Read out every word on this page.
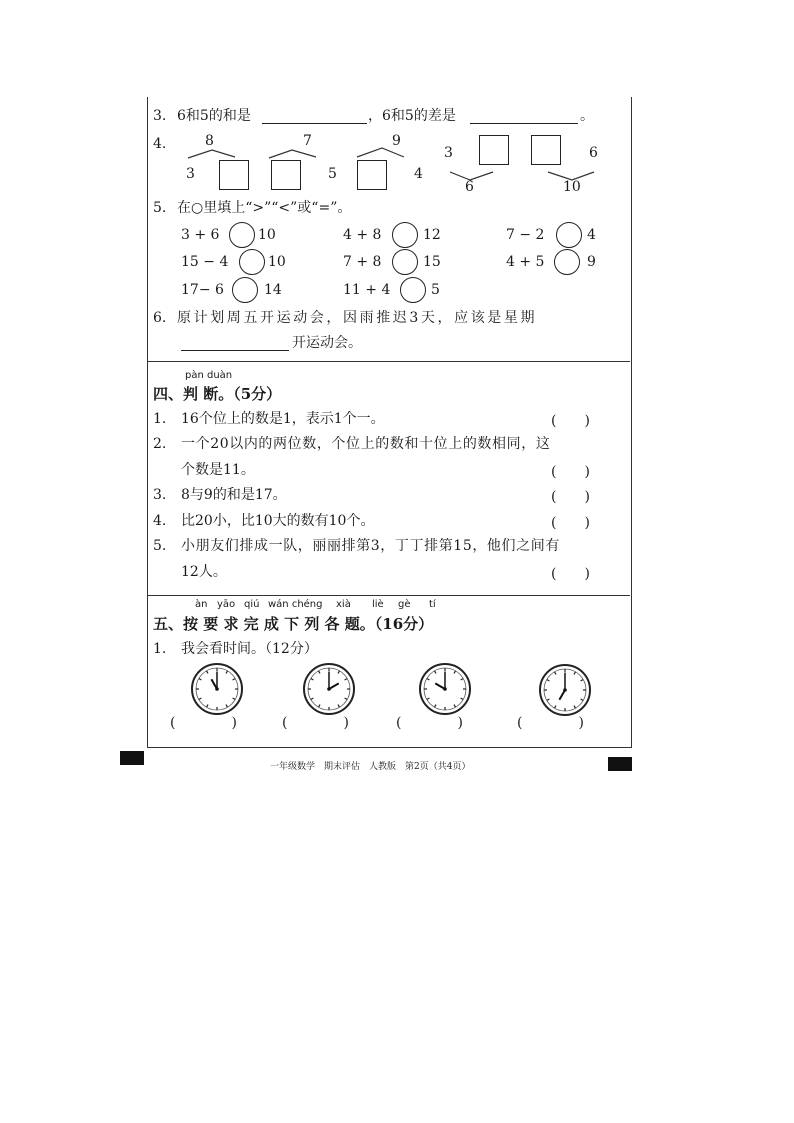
3. 6和5的和是	，6和5的差是	。
4.	8
3
7
5
9
4
3
6
6
10
5. 在○里填上“>”“<”或“=”。
3 + 6	10	4 + 8	12	7 − 2	4
15 − 4	10	7 + 8	15	4 + 5	9
17− 6	14	11 + 4	5
6. 原计划周五开运动会，因雨推迟3天，应该是星期
开运动会。
pàn duàn
四、判 断。（5分）
1. 16个位上的数是1，表示1个一。	(　　)
2. 一个20以内的两位数，个位上的数和十位上的数相同，这
个数是11。	(　　)
3. 8与9的和是17。	(　　)
4. 比20小，比10大的数有10个。	(　　)
5. 小朋友们排成一队，丽丽排第3，丁丁排第15，他们之间有
12人。	(　　)
àn yāo qiú wán chéng xià liè gè tí
五、按 要 求 完 成 下 列 各 题。（16分）
1. 我会看时间。（12分）
(　　　　)	(　　　　)	(　　　　)	(　　　　)
一年级数学　期末评估　人教版　第2页（共4页）
